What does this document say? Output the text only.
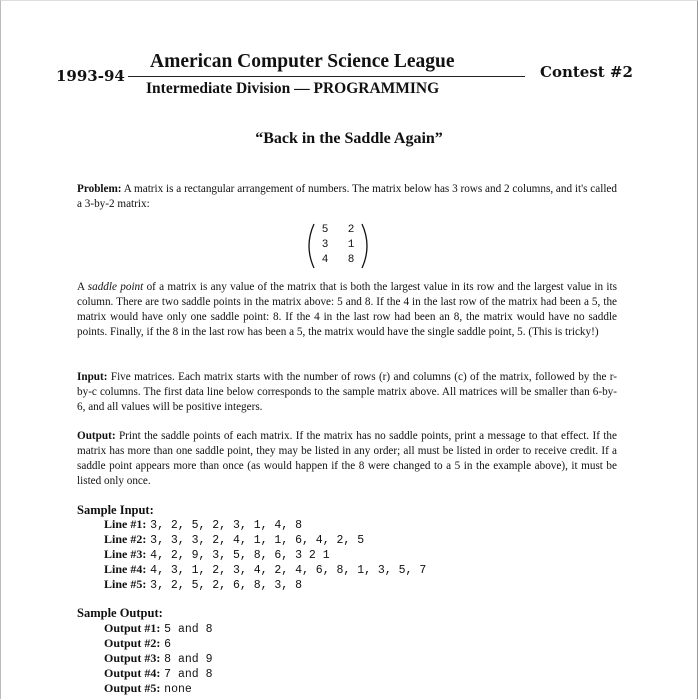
1993-94
American Computer Science League	Contest #2
Intermediate Division — PROGRAMMING
“Back in the Saddle Again”
Problem: A matrix is a rectangular arrangement of numbers. The matrix below has 3 rows and 2 columns, and it's called a 3-by-2 matrix:
5 2
3 1
4 8
A saddle point of a matrix is any value of the matrix that is both the largest value in its row and the largest value in its column. There are two saddle points in the matrix above: 5 and 8. If the 4 in the last row of the matrix had been a 5, the matrix would have only one saddle point: 8. If the 4 in the last row had been an 8, the matrix would have no saddle points. Finally, if the 8 in the last row has been a 5, the matrix would have the single saddle point, 5. (This is tricky!)
Input: Five matrices. Each matrix starts with the number of rows (r) and columns (c) of the matrix, followed by the r-by-c columns. The first data line below corresponds to the sample matrix above. All matrices will be smaller than 6-by-6, and all values will be positive integers.
Output: Print the saddle points of each matrix. If the matrix has no saddle points, print a message to that effect. If the matrix has more than one saddle point, they may be listed in any order; all must be listed in order to receive credit. If a saddle point appears more than once (as would happen if the 8 were changed to a 5 in the example above), it must be listed only once.
Sample Input:
Line #1: 3, 2, 5, 2, 3, 1, 4, 8
Line #2: 3, 3, 3, 2, 4, 1, 1, 6, 4, 2, 5
Line #3: 4, 2, 9, 3, 5, 8, 6, 3 2 1
Line #4: 4, 3, 1, 2, 3, 4, 2, 4, 6, 8, 1, 3, 5, 7
Line #5: 3, 2, 5, 2, 6, 8, 3, 8
Sample Output:
Output #1: 5 and 8
Output #2: 6
Output #3: 8 and 9
Output #4: 7 and 8
Output #5: none
